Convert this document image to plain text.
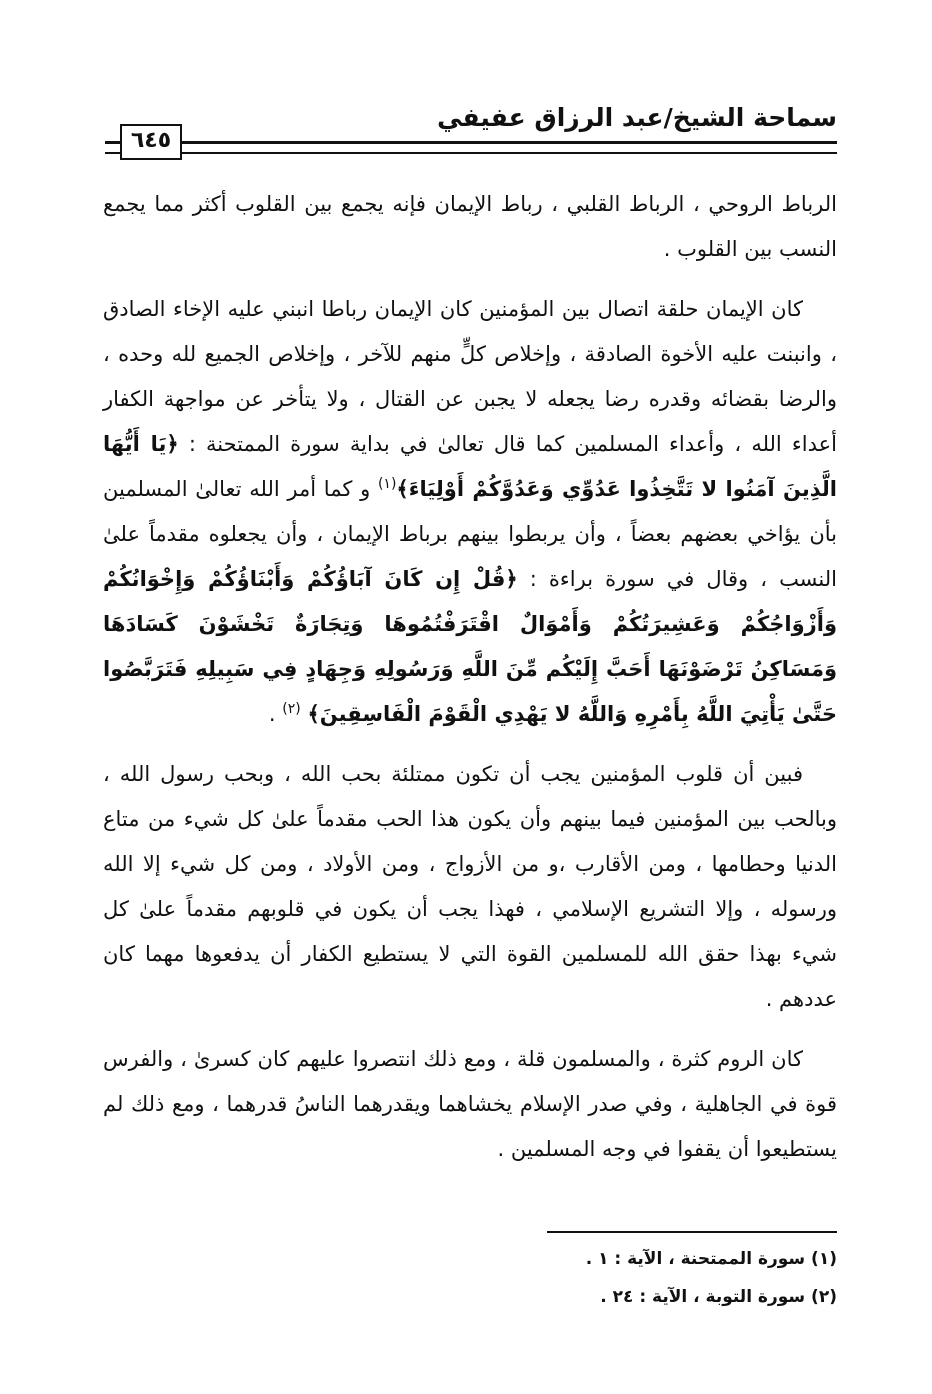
سماحة الشيخ/عبد الرزاق عفيفي
٦٤٥

الرباط الروحي ، الرباط القلبي ، رباط الإيمان فإنه يجمع بين القلوب أكثر مما يجمع النسب بين القلوب .

كان الإيمان حلقة اتصال بين المؤمنين كان الإيمان رباطا انبني عليه الإخاء الصادق ، وانبنت عليه الأخوة الصادقة ، وإخلاص كلٍّ منهم للآخر ، وإخلاص الجميع لله وحده ، والرضا بقضائه وقدره رضا يجعله لا يجبن عن القتال ، ولا يتأخر عن مواجهة الكفار أعداء الله ، وأعداء المسلمين كما قال تعالىٰ في بداية سورة الممتحنة : ﴿يَا أَيُّهَا الَّذِينَ آمَنُوا لا تَتَّخِذُوا عَدُوِّي وَعَدُوَّكُمْ أَوْلِيَاءَ﴾$^{(١)}$ و كما أمر الله تعالىٰ المسلمين بأن يؤاخي بعضهم بعضاً ، وأن يربطوا بينهم برباط الإيمان ، وأن يجعلوه مقدماً علىٰ النسب ، وقال في سورة براءة : ﴿قُلْ إِن كَانَ آبَاؤُكُمْ وَأَبْنَاؤُكُمْ وَإِخْوَانُكُمْ وَأَزْوَاجُكُمْ وَعَشِيرَتُكُمْ وَأَمْوَالٌ اقْتَرَفْتُمُوهَا وَتِجَارَةٌ تَخْشَوْنَ كَسَادَهَا وَمَسَاكِنُ تَرْضَوْنَهَا أَحَبَّ إِلَيْكُم مِّنَ اللَّهِ وَرَسُولِهِ وَجِهَادٍ فِي سَبِيلِهِ فَتَرَبَّصُوا حَتَّىٰ يَأْتِيَ اللَّهُ بِأَمْرِهِ وَاللَّهُ لا يَهْدِي الْقَوْمَ الْفَاسِقِينَ﴾ $^{(٢)}$ .

فبين أن قلوب المؤمنين يجب أن تكون ممتلئة بحب الله ، وبحب رسول الله ، وبالحب بين المؤمنين فيما بينهم وأن يكون هذا الحب مقدماً علىٰ كل شيء من متاع الدنيا وحطامها ، ومن الأقارب ،و من الأزواج ، ومن الأولاد ، ومن كل شيء إلا الله ورسوله ، وإلا التشريع الإسلامي ، فهذا يجب أن يكون في قلوبهم مقدماً علىٰ كل شيء بهذا حقق الله للمسلمين القوة التي لا يستطيع الكفار أن يدفعوها مهما كان عددهم .

كان الروم كثرة ، والمسلمون قلة ، ومع ذلك انتصروا عليهم كان كسرىٰ ، والفرس قوة في الجاهلية ، وفي صدر الإسلام يخشاهما ويقدرهما الناسُ قدرهما ، ومع ذلك لم يستطيعوا أن يقفوا في وجه المسلمين .

(١) سورة الممتحنة ، الآية : ١ .

(٢) سورة التوبة ، الآية : ٢٤ .
